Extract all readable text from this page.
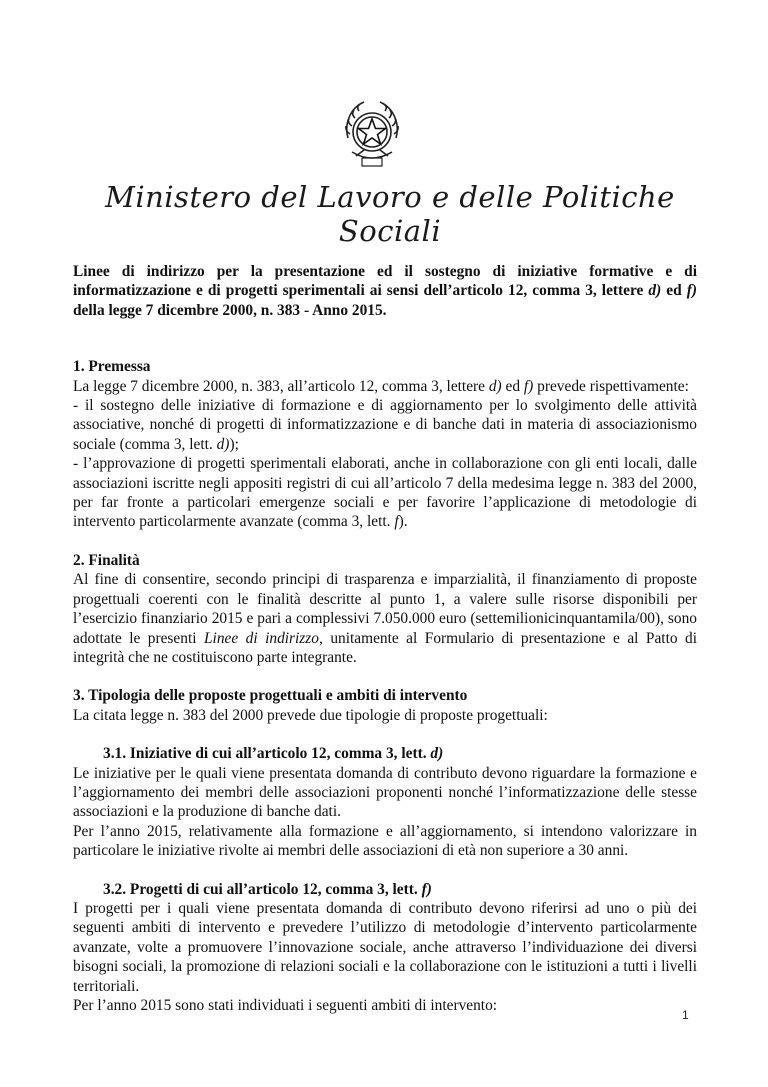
Ministero del Lavoro e delle Politiche Sociali

Linee di indirizzo per la presentazione ed il sostegno di iniziative formative e di informatizzazione e di progetti sperimentali ai sensi dell’articolo 12, comma 3, lettere d) ed f) della legge 7 dicembre 2000, n. 383 - Anno 2015.

1. Premessa

La legge 7 dicembre 2000, n. 383, all’articolo 12, comma 3, lettere d) ed f) prevede rispettivamente:

- il sostegno delle iniziative di formazione e di aggiornamento per lo svolgimento delle attività associative, nonché di progetti di informatizzazione e di banche dati in materia di associazionismo sociale (comma 3, lett. d));

- l’approvazione di progetti sperimentali elaborati, anche in collaborazione con gli enti locali, dalle associazioni iscritte negli appositi registri di cui all’articolo 7 della medesima legge n. 383 del 2000, per far fronte a particolari emergenze sociali e per favorire l’applicazione di metodologie di intervento particolarmente avanzate (comma 3, lett. f).

2. Finalità

Al fine di consentire, secondo principi di trasparenza e imparzialità, il finanziamento di proposte progettuali coerenti con le finalità descritte al punto 1, a valere sulle risorse disponibili per l’esercizio finanziario 2015 e pari a complessivi 7.050.000 euro (settemilionicinquantamila/00), sono adottate le presenti Linee di indirizzo, unitamente al Formulario di presentazione e al Patto di integrità che ne costituiscono parte integrante.

3. Tipologia delle proposte progettuali e ambiti di intervento

La citata legge n. 383 del 2000 prevede due tipologie di proposte progettuali:

3.1. Iniziative di cui all’articolo 12, comma 3, lett. d)

Le iniziative per le quali viene presentata domanda di contributo devono riguardare la formazione e l’aggiornamento dei membri delle associazioni proponenti nonché l’informatizzazione delle stesse associazioni e la produzione di banche dati.

Per l’anno 2015, relativamente alla formazione e all’aggiornamento, si intendono valorizzare in particolare le iniziative rivolte ai membri delle associazioni di età non superiore a 30 anni.

3.2. Progetti di cui all’articolo 12, comma 3, lett. f)

I progetti per i quali viene presentata domanda di contributo devono riferirsi ad uno o più dei seguenti ambiti di intervento e prevedere l’utilizzo di metodologie d’intervento particolarmente avanzate, volte a promuovere l’innovazione sociale, anche attraverso l’individuazione dei diversi bisogni sociali, la promozione di relazioni sociali e la collaborazione con le istituzioni a tutti i livelli territoriali.

Per l’anno 2015 sono stati individuati i seguenti ambiti di intervento:

1
